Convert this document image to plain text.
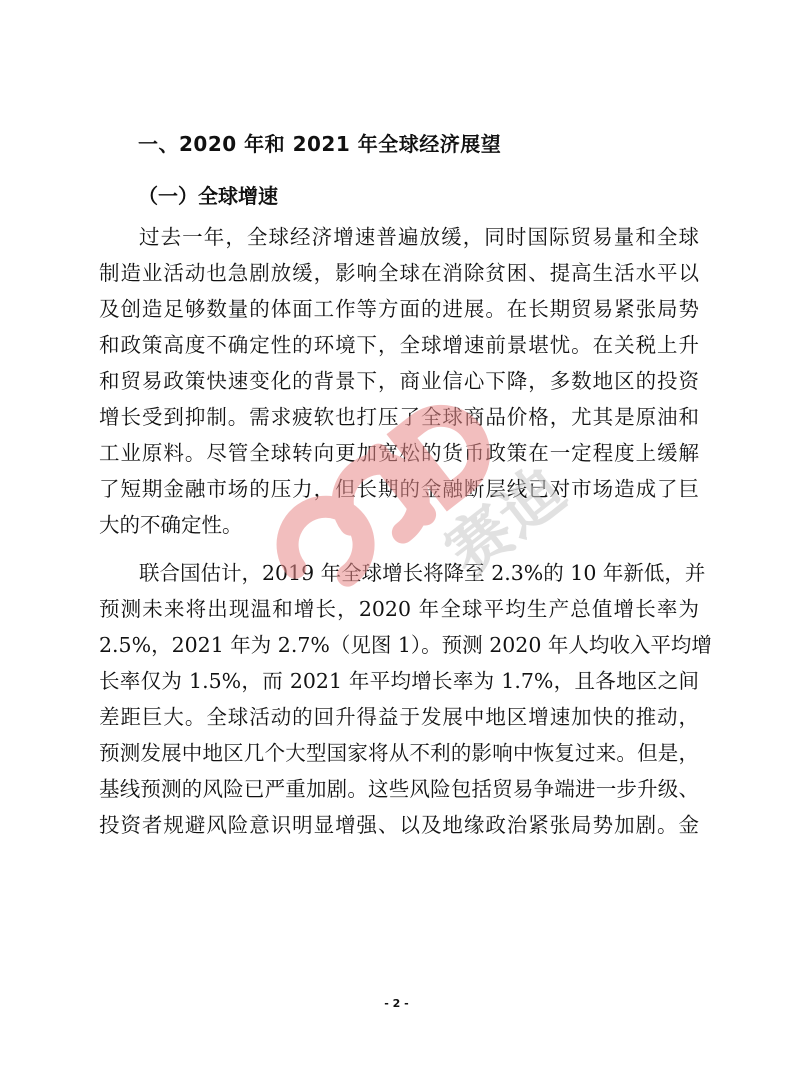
一、2020 年和 2021 年全球经济展望
（一）全球增速
过去一年，全球经济增速普遍放缓，同时国际贸易量和全球
制造业活动也急剧放缓，影响全球在消除贫困、提高生活水平以
及创造足够数量的体面工作等方面的进展。在长期贸易紧张局势
和政策高度不确定性的环境下，全球增速前景堪忧。在关税上升
和贸易政策快速变化的背景下，商业信心下降，多数地区的投资
增长受到抑制。需求疲软也打压了全球商品价格，尤其是原油和
工业原料。尽管全球转向更加宽松的货币政策在一定程度上缓解
了短期金融市场的压力，但长期的金融断层线已对市场造成了巨
大的不确定性。
联合国估计，2019 年全球增长将降至 2.3%的 10 年新低，并
预测未来将出现温和增长，2020 年全球平均生产总值增长率为
2.5%，2021 年为 2.7%（见图 1）。预测 2020 年人均收入平均增
长率仅为 1.5%，而 2021 年平均增长率为 1.7%，且各地区之间
差距巨大。全球活动的回升得益于发展中地区增速加快的推动，
预测发展中地区几个大型国家将从不利的影响中恢复过来。但是，
基线预测的风险已严重加剧。这些风险包括贸易争端进一步升级、
投资者规避风险意识明显增强、以及地缘政治紧张局势加剧。金
赛迪
- 2 -
